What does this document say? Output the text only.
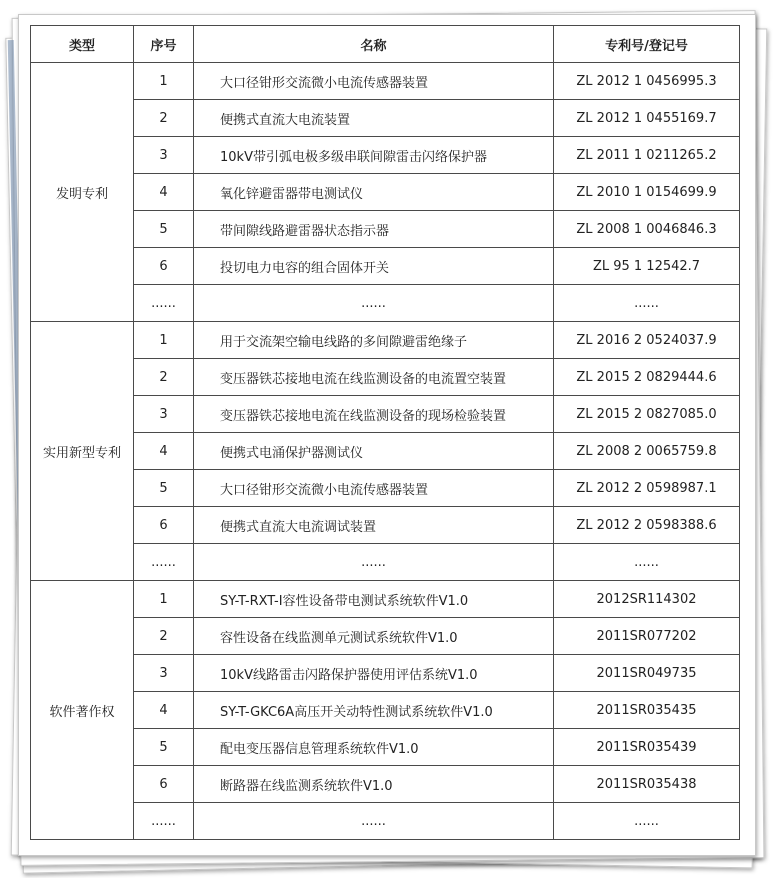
类型	序号	名称	专利号/登记号
发明专利	1	大口径钳形交流微小电流传感器装置	ZL 2012 1 0456995.3
	2	便携式直流大电流装置	ZL 2012 1 0455169.7
	3	10kV带引弧电极多级串联间隙雷击闪络保护器	ZL 2011 1 0211265.2
	4	氧化锌避雷器带电测试仪	ZL 2010 1 0154699.9
	5	带间隙线路避雷器状态指示器	ZL 2008 1 0046846.3
	6	投切电力电容的组合固体开关	ZL 95 1 12542.7
	......	......	......
实用新型专利	1	用于交流架空输电线路的多间隙避雷绝缘子	ZL 2016 2 0524037.9
	2	变压器铁芯接地电流在线监测设备的电流置空装置	ZL 2015 2 0829444.6
	3	变压器铁芯接地电流在线监测设备的现场检验装置	ZL 2015 2 0827085.0
	4	便携式电涌保护器测试仪	ZL 2008 2 0065759.8
	5	大口径钳形交流微小电流传感器装置	ZL 2012 2 0598987.1
	6	便携式直流大电流调试装置	ZL 2012 2 0598388.6
	......	......	......
软件著作权	1	SY-T-RXT-I容性设备带电测试系统软件V1.0	2012SR114302
	2	容性设备在线监测单元测试系统软件V1.0	2011SR077202
	3	10kV线路雷击闪路保护器使用评估系统V1.0	2011SR049735
	4	SY-T-GKC6A高压开关动特性测试系统软件V1.0	2011SR035435
	5	配电变压器信息管理系统软件V1.0	2011SR035439
	6	断路器在线监测系统软件V1.0	2011SR035438
	......	......	......
